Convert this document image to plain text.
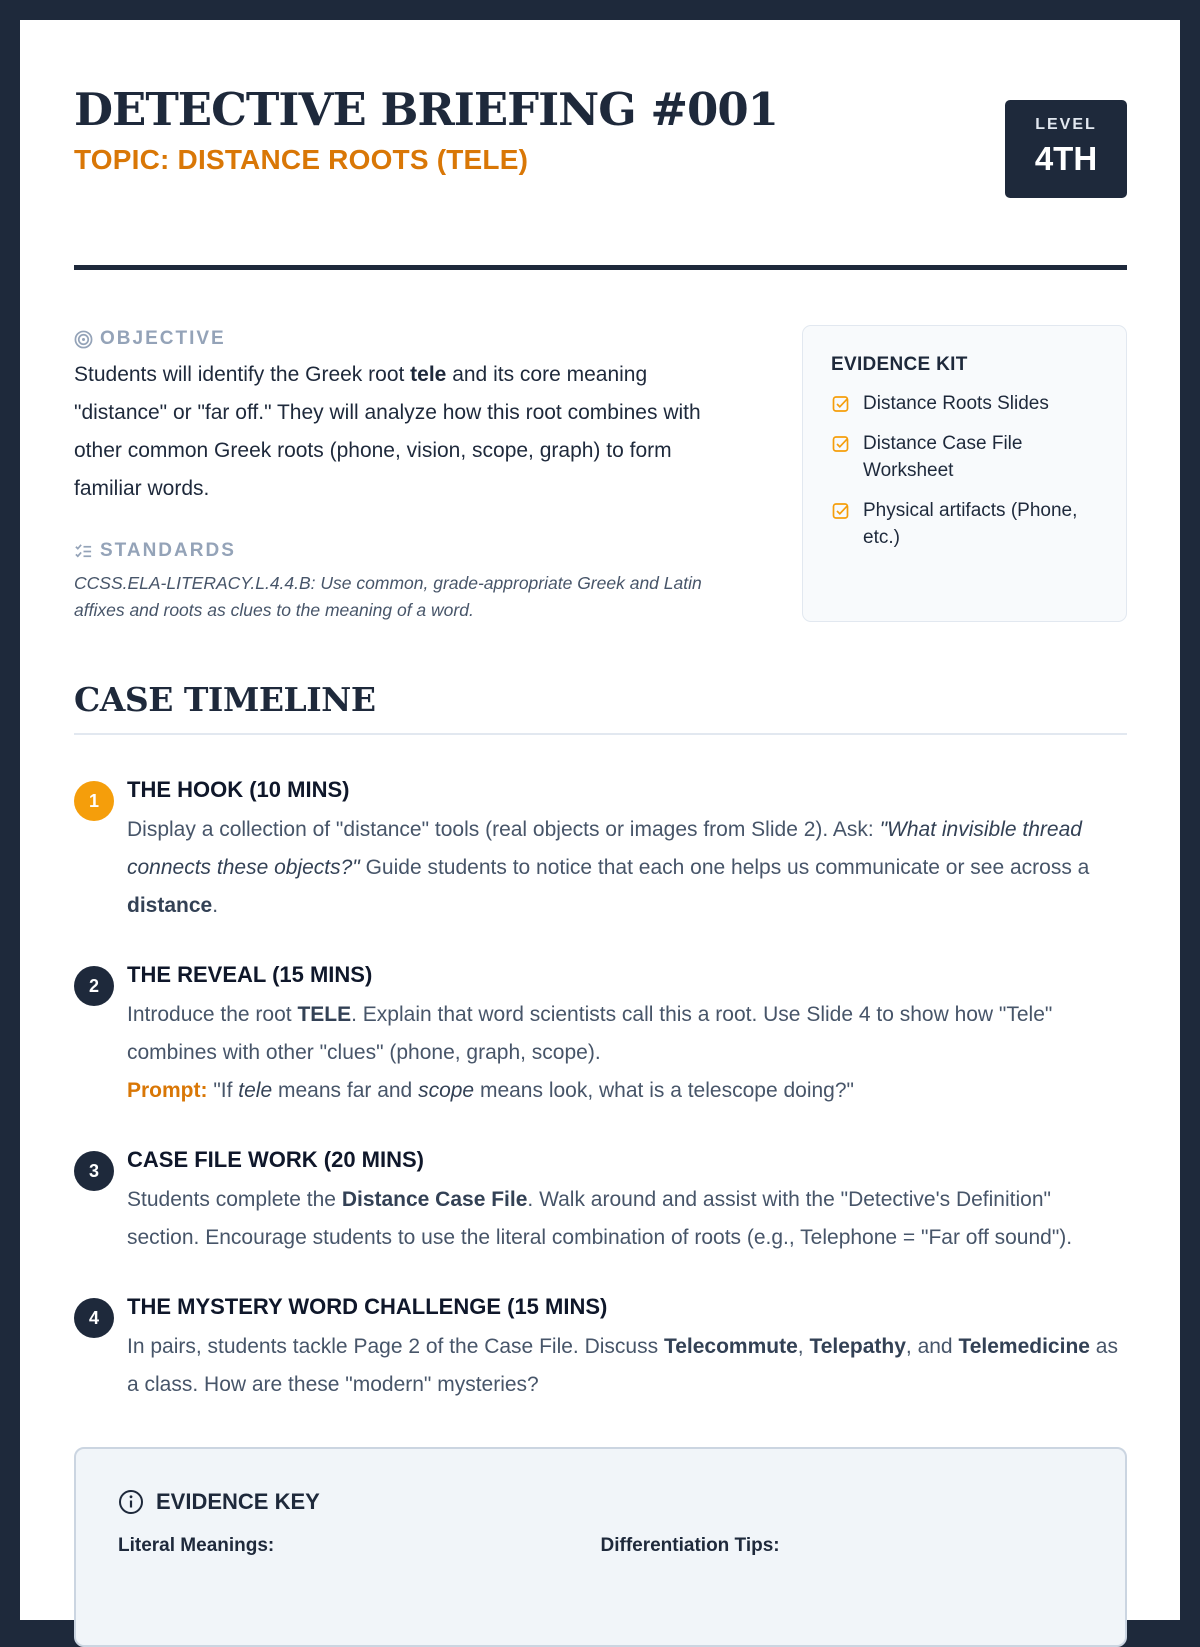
DETECTIVE BRIEFING #001
TOPIC: DISTANCE ROOTS (TELE)
LEVEL
4TH
OBJECTIVE

Students will identify the Greek root tele and its core meaning "distance" or "far off." They will analyze how this root combines with other common Greek roots (phone, vision, scope, graph) to form familiar words.

STANDARDS

CCSS.ELA-LITERACY.L.4.4.B: Use common, grade-appropriate Greek and Latin affixes and roots as clues to the meaning of a word.

EVIDENCE KIT
Distance Roots Slides
Distance Case File Worksheet
Physical artifacts (Phone, etc.)
CASE TIMELINE
1	THE HOOK (10 MINS)

Display a collection of "distance" tools (real objects or images from Slide 2). Ask: "What invisible thread connects these objects?" Guide students to notice that each one helps us communicate or see across a distance.

2	THE REVEAL (15 MINS)

Introduce the root TELE. Explain that word scientists call this a root. Use Slide 4 to show how "Tele" combines with other "clues" (phone, graph, scope).
Prompt: "If tele means far and scope means look, what is a telescope doing?"

3	CASE FILE WORK (20 MINS)

Students complete the Distance Case File. Walk around and assist with the "Detective's Definition" section. Encourage students to use the literal combination of roots (e.g., Telephone = "Far off sound").

4	THE MYSTERY WORD CHALLENGE (15 MINS)

In pairs, students tackle Page 2 of the Case File. Discuss Telecommute, Telepathy, and Telemedicine as a class. How are these "modern" mysteries?

EVIDENCE KEY
Literal Meanings:	Differentiation Tips:
